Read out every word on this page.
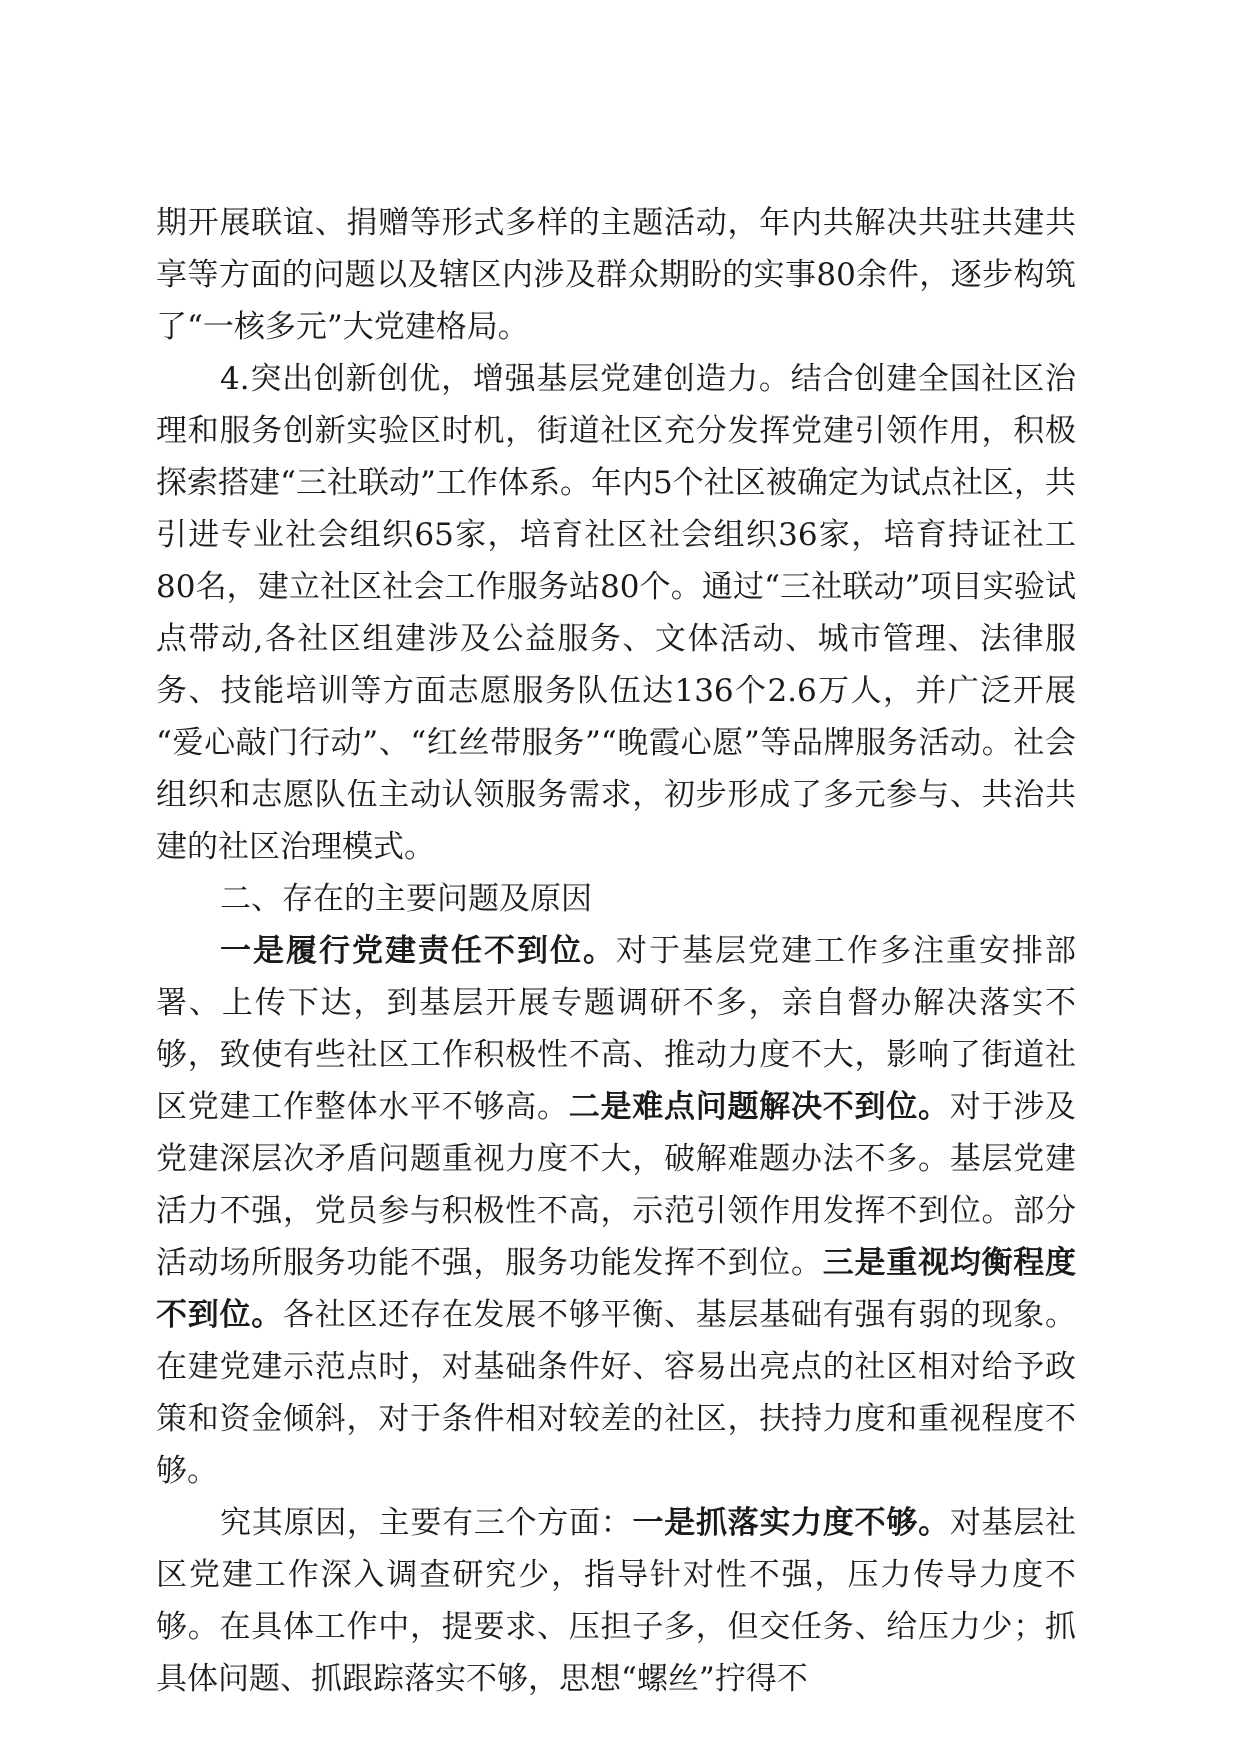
期开展联谊、捐赠等形式多样的主题活动，年内共解决共驻共建共享等方面的问题以及辖区内涉及群众期盼的实事80余件，逐步构筑了“一核多元”大党建格局。

4.突出创新创优，增强基层党建创造力。结合创建全国社区治理和服务创新实验区时机，街道社区充分发挥党建引领作用，积极探索搭建“三社联动”工作体系。年内5个社区被确定为试点社区，共引进专业社会组织65家，培育社区社会组织36家，培育持证社工80名，建立社区社会工作服务站80个。通过“三社联动”项目实验试点带动,各社区组建涉及公益服务、文体活动、城市管理、法律服务、技能培训等方面志愿服务队伍达136个2.6万人，并广泛开展 “爱心敲门行动”、“红丝带服务”“晚霞心愿”等品牌服务活动。社会组织和志愿队伍主动认领服务需求，初步形成了多元参与、共治共建的社区治理模式。

二、存在的主要问题及原因

一是履行党建责任不到位。对于基层党建工作多注重安排部署、上传下达，到基层开展专题调研不多，亲自督办解决落实不够，致使有些社区工作积极性不高、推动力度不大，影响了街道社区党建工作整体水平不够高。二是难点问题解决不到位。对于涉及党建深层次矛盾问题重视力度不大，破解难题办法不多。基层党建活力不强，党员参与积极性不高，示范引领作用发挥不到位。部分活动场所服务功能不强，服务功能发挥不到位。三是重视均衡程度不到位。各社区还存在发展不够平衡、基层基础有强有弱的现象。在建党建示范点时，对基础条件好、容易出亮点的社区相对给予政策和资金倾斜，对于条件相对较差的社区，扶持力度和重视程度不够。

究其原因，主要有三个方面：一是抓落实力度不够。对基层社区党建工作深入调查研究少，指导针对性不强，压力传导力度不够。在具体工作中，提要求、压担子多，但交任务、给压力少；抓具体问题、抓跟踪落实不够，思想“螺丝”拧得不
